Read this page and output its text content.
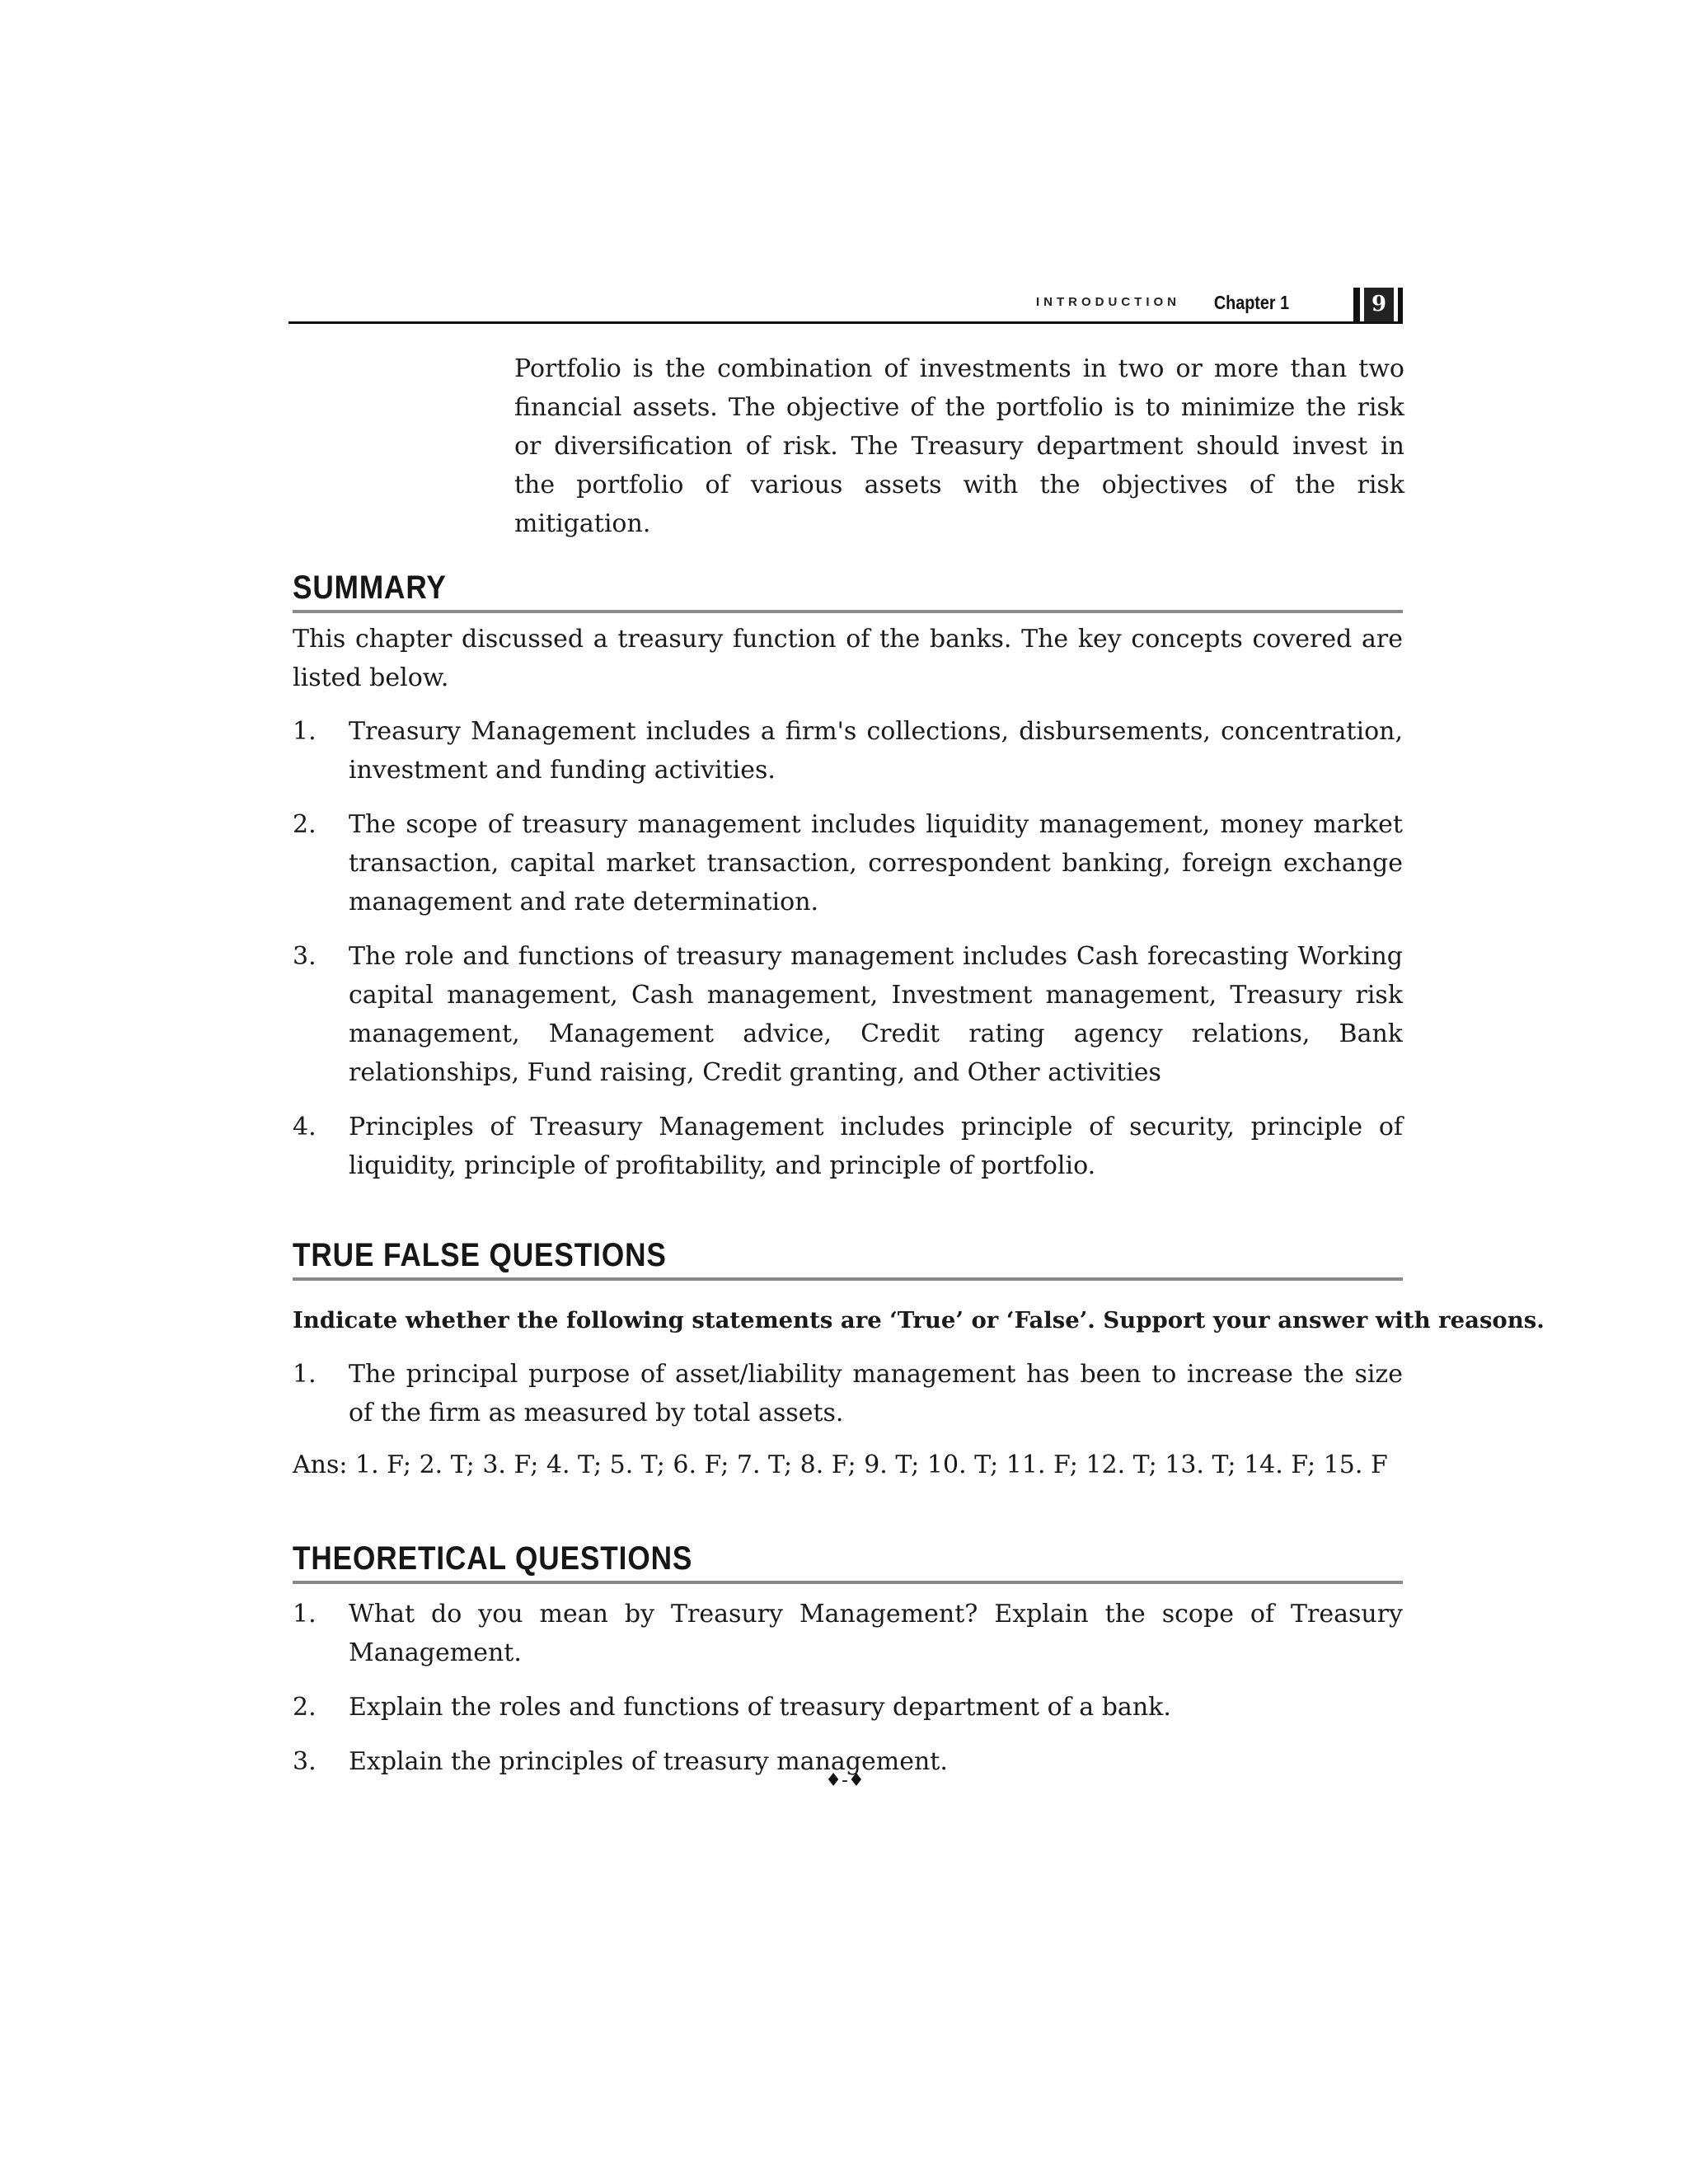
INTRODUCTION Chapter 1	9

Portfolio is the combination of investments in two or more than two financial assets. The objective of the portfolio is to minimize the risk or diversification of risk. The Treasury department should invest in the portfolio of various assets with the objectives of the risk mitigation.

SUMMARY

This chapter discussed a treasury function of the banks. The key concepts covered are listed below.

1. Treasury Management includes a firm's collections, disbursements, concentration, investment and funding activities.
2. The scope of treasury management includes liquidity management, money market transaction, capital market transaction, correspondent banking, foreign exchange management and rate determination.
3. The role and functions of treasury management includes Cash forecasting Working capital management, Cash management, Investment management, Treasury risk management, Management advice, Credit rating agency relations, Bank relationships, Fund raising, Credit granting, and Other activities
4. Principles of Treasury Management includes principle of security, principle of liquidity, principle of profitability, and principle of portfolio.
TRUE FALSE QUESTIONS

Indicate whether the following statements are ‘True’ or ‘False’. Support your answer with reasons.

1. The principal purpose of asset/liability management has been to increase the size of the firm as measured by total assets.

Ans: 1. F; 2. T; 3. F; 4. T; 5. T; 6. F; 7. T; 8. F; 9. T; 10. T; 11. F; 12. T; 13. T; 14. F; 15. F

THEORETICAL QUESTIONS
1. What do you mean by Treasury Management? Explain the scope of Treasury Management.
2. Explain the roles and functions of treasury department of a bank.
3. Explain the principles of treasury management.
♦-♦
